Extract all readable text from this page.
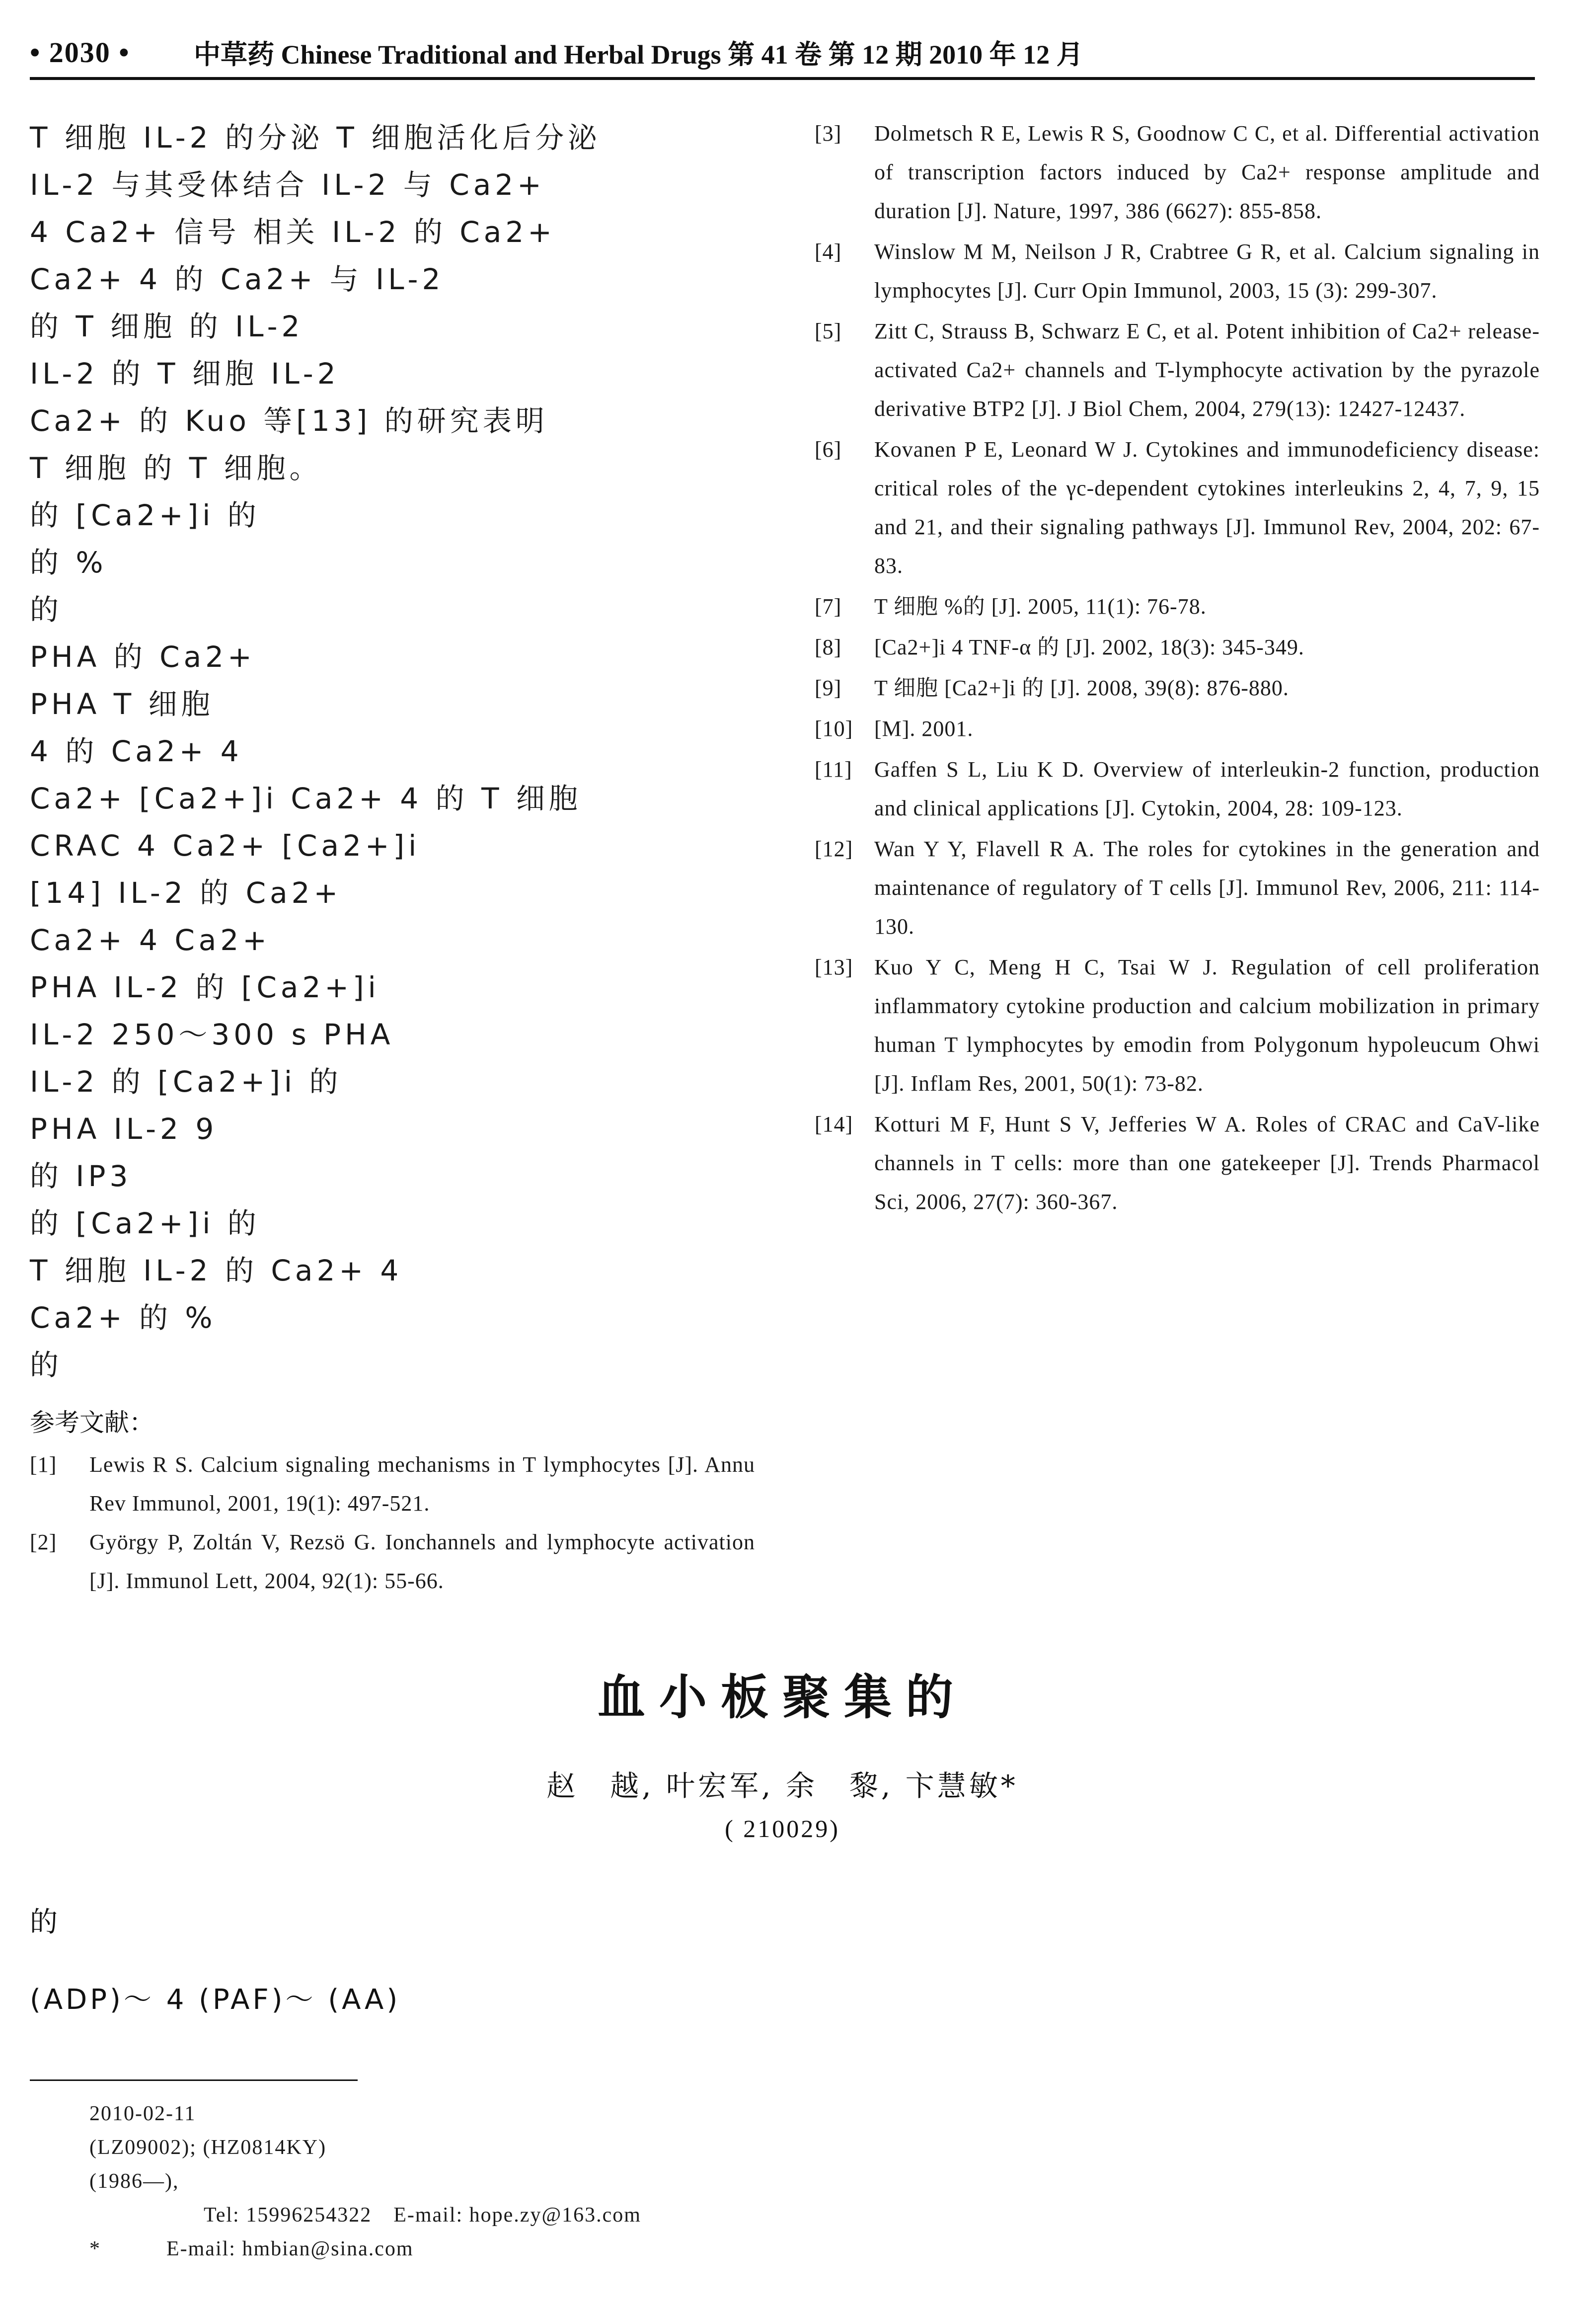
• 2030 •	中草药 Chinese Traditional and Herbal Drugs 第 41 卷 第 12 期 2010 年 12 月

T 细胞 IL-2 的分泌 T 细胞活化后分泌

IL-2 与其受体结合 IL-2 与 Ca2+

4 Ca2+ 信号 相关 IL-2 的 Ca2+

Ca2+ 4 的 Ca2+ 与 IL-2

的 T 细胞 的 IL-2

IL-2 的 T 细胞 IL-2

Ca2+ 的 Kuo 等[13] 的研究表明

T 细胞 的 T 细胞。

的 [Ca2+]i 的

的 %

的

PHA 的 Ca2+

PHA T 细胞

4 的 Ca2+ 4

Ca2+ [Ca2+]i Ca2+ 4 的 T 细胞

CRAC 4 Ca2+ [Ca2+]i

[14] IL-2 的 Ca2+

Ca2+ 4 Ca2+

PHA IL-2 的 [Ca2+]i

IL-2 250～300 s PHA

IL-2 的 [Ca2+]i 的

PHA IL-2 9

的 IP3

的 [Ca2+]i 的

T 细胞 IL-2 的 Ca2+ 4

Ca2+ 的 %

的

参考文献：
[1]	Lewis R S. Calcium signaling mechanisms in T lymphocytes [J]. Annu Rev Immunol, 2001, 19(1): 497-521.
[2]	György P, Zoltán V, Rezsö G. Ionchannels and lymphocyte activation [J]. Immunol Lett, 2004, 92(1): 55-66.
[3]	Dolmetsch R E, Lewis R S, Goodnow C C, et al. Differential activation of transcription factors induced by Ca2+ response amplitude and duration [J]. Nature, 1997, 386 (6627): 855-858.
[4]	Winslow M M, Neilson J R, Crabtree G R, et al. Calcium signaling in lymphocytes [J]. Curr Opin Immunol, 2003, 15 (3): 299-307.
[5]	Zitt C, Strauss B, Schwarz E C, et al. Potent inhibition of Ca2+ release-activated Ca2+ channels and T-lymphocyte activation by the pyrazole derivative BTP2 [J]. J Biol Chem, 2004, 279(13): 12427-12437.
[6]	Kovanen P E, Leonard W J. Cytokines and immunodeficiency disease: critical roles of the γc-dependent cytokines interleukins 2, 4, 7, 9, 15 and 21, and their signaling pathways [J]. Immunol Rev, 2004, 202: 67-83.
[7]	T 细胞 %的 [J]. 2005, 11(1): 76-78.
[8]	[Ca2+]i 4 TNF-α 的 [J]. 2002, 18(3): 345-349.
[9]	T 细胞 [Ca2+]i 的 [J]. 2008, 39(8): 876-880.
[10] [M]. 2001.
[11]	Gaffen S L, Liu K D. Overview of interleukin-2 function, production and clinical applications [J]. Cytokin, 2004, 28: 109-123.
[12] Wan Y Y, Flavell R A. The roles for cytokines in the generation and maintenance of regulatory of T cells [J]. Immunol Rev, 2006, 211: 114-130.
[13] Kuo Y C, Meng H C, Tsai W J. Regulation of cell proliferation inflammatory cytokine production and calcium mobilization in primary human T lymphocytes by emodin from Polygonum hypoleucum Ohwi [J]. Inflam Res, 2001, 50(1): 73-82.
[14] Kotturi M F, Hunt S V, Jefferies W A. Roles of CRAC and CaV-like channels in T cells: more than one gatekeeper [J]. Trends Pharmacol Sci, 2006, 27(7): 360-367.
血小板聚集的

赵　越, 叶宏军, 余　黎, 卞慧敏*

( 210029)

的

(ADP)～ 4 (PAF)～ (AA)

2010-02-11

(LZ09002); (HZ0814KY)

(1986—),

Tel: 15996254322　E-mail: hope.zy@163.com

*　　　E-mail: hmbian@sina.com
